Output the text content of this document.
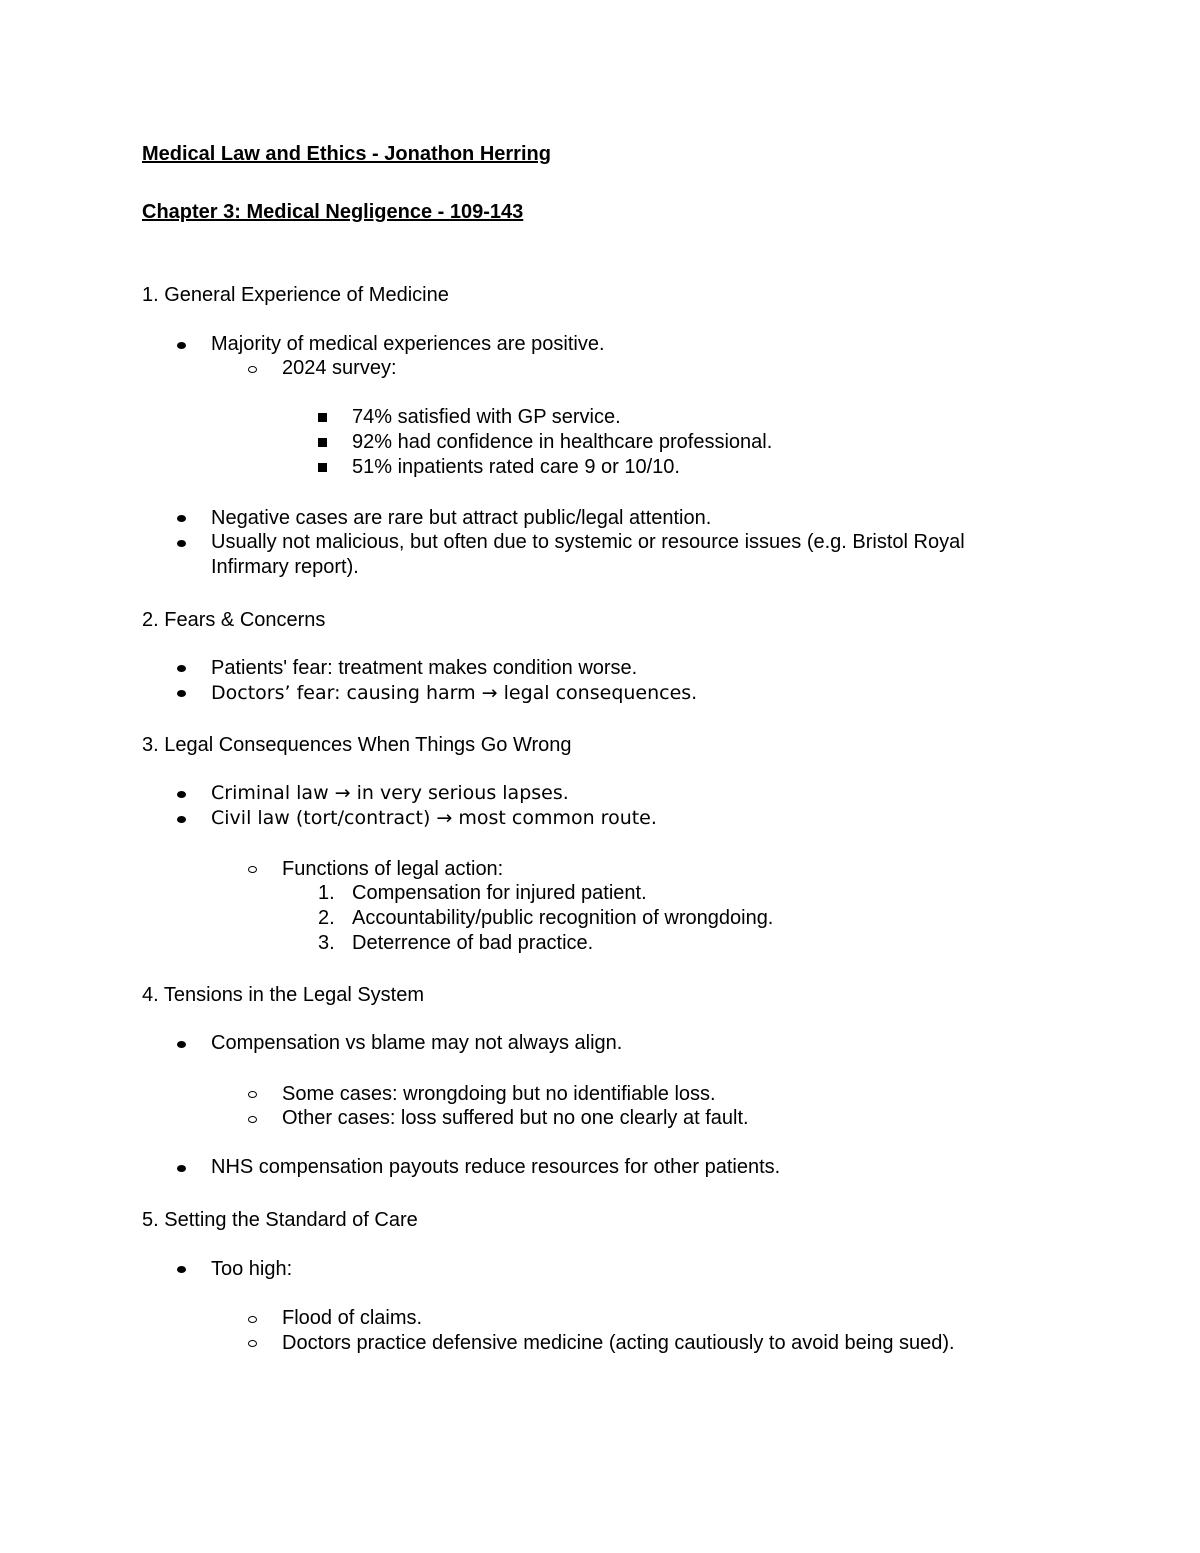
Medical Law and Ethics - Jonathon Herring
Chapter 3: Medical Negligence - 109-143
1. General Experience of Medicine
Majority of medical experiences are positive.
2024 survey:
74% satisfied with GP service.
92% had confidence in healthcare professional.
51% inpatients rated care 9 or 10/10.
Negative cases are rare but attract public/legal attention.
Usually not malicious, but often due to systemic or resource issues (e.g. Bristol Royal
Infirmary report).
2. Fears & Concerns
Patients' fear: treatment makes condition worse.
Doctors’ fear: causing harm → legal consequences.
3. Legal Consequences When Things Go Wrong
Criminal law → in very serious lapses.
Civil law (tort/contract) → most common route.
Functions of legal action:
1. Compensation for injured patient.
2. Accountability/public recognition of wrongdoing.
3. Deterrence of bad practice.
4. Tensions in the Legal System
Compensation vs blame may not always align.
Some cases: wrongdoing but no identifiable loss.
Other cases: loss suffered but no one clearly at fault.
NHS compensation payouts reduce resources for other patients.
5. Setting the Standard of Care
Too high:
Flood of claims.
Doctors practice defensive medicine (acting cautiously to avoid being sued).
